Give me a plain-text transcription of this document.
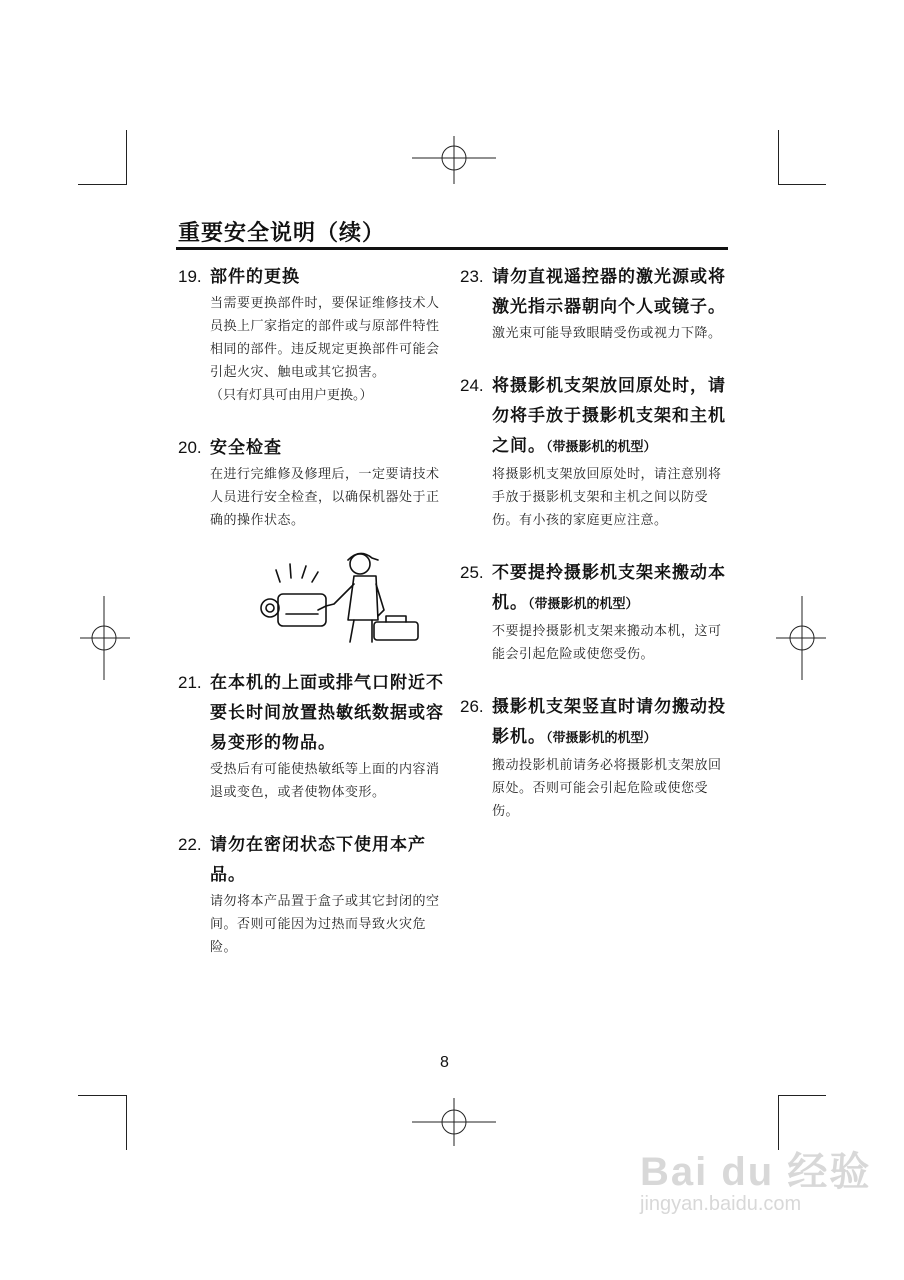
重要安全说明（续）
19. 部件的更换
当需要更换部件时，要保证维修技术人员换上厂家指定的部件或与原部件特性相同的部件。违反规定更换部件可能会引起火灾、触电或其它损害。
（只有灯具可由用户更换。）
20. 安全检查
在进行完維修及修理后，一定要请技术人员进行安全检查，以确保机器处于正确的操作状态。
21. 在本机的上面或排气口附近不要长时间放置热敏纸数据或容易变形的物品。
受热后有可能使热敏纸等上面的内容消退或变色，或者使物体变形。
22. 请勿在密闭状态下使用本产品。
请勿将本产品置于盒子或其它封闭的空间。否则可能因为过热而导致火灾危险。
23. 请勿直视遥控器的激光源或将激光指示器朝向个人或镜子。
激光束可能导致眼睛受伤或视力下降。
24. 将摄影机支架放回原处时，请勿将手放于摄影机支架和主机之间。（带摄影机的机型）
将摄影机支架放回原处时，请注意别将手放于摄影机支架和主机之间以防受伤。有小孩的家庭更应注意。
25. 不要提拎摄影机支架来搬动本机。（带摄影机的机型）
不要提拎摄影机支架来搬动本机，这可能会引起危险或使您受伤。
26. 摄影机支架竖直时请勿搬动投影机。（带摄影机的机型）
搬动投影机前请务必将摄影机支架放回原处。否则可能会引起危险或使您受伤。
8
Bai du 经验
jingyan.baidu.com
